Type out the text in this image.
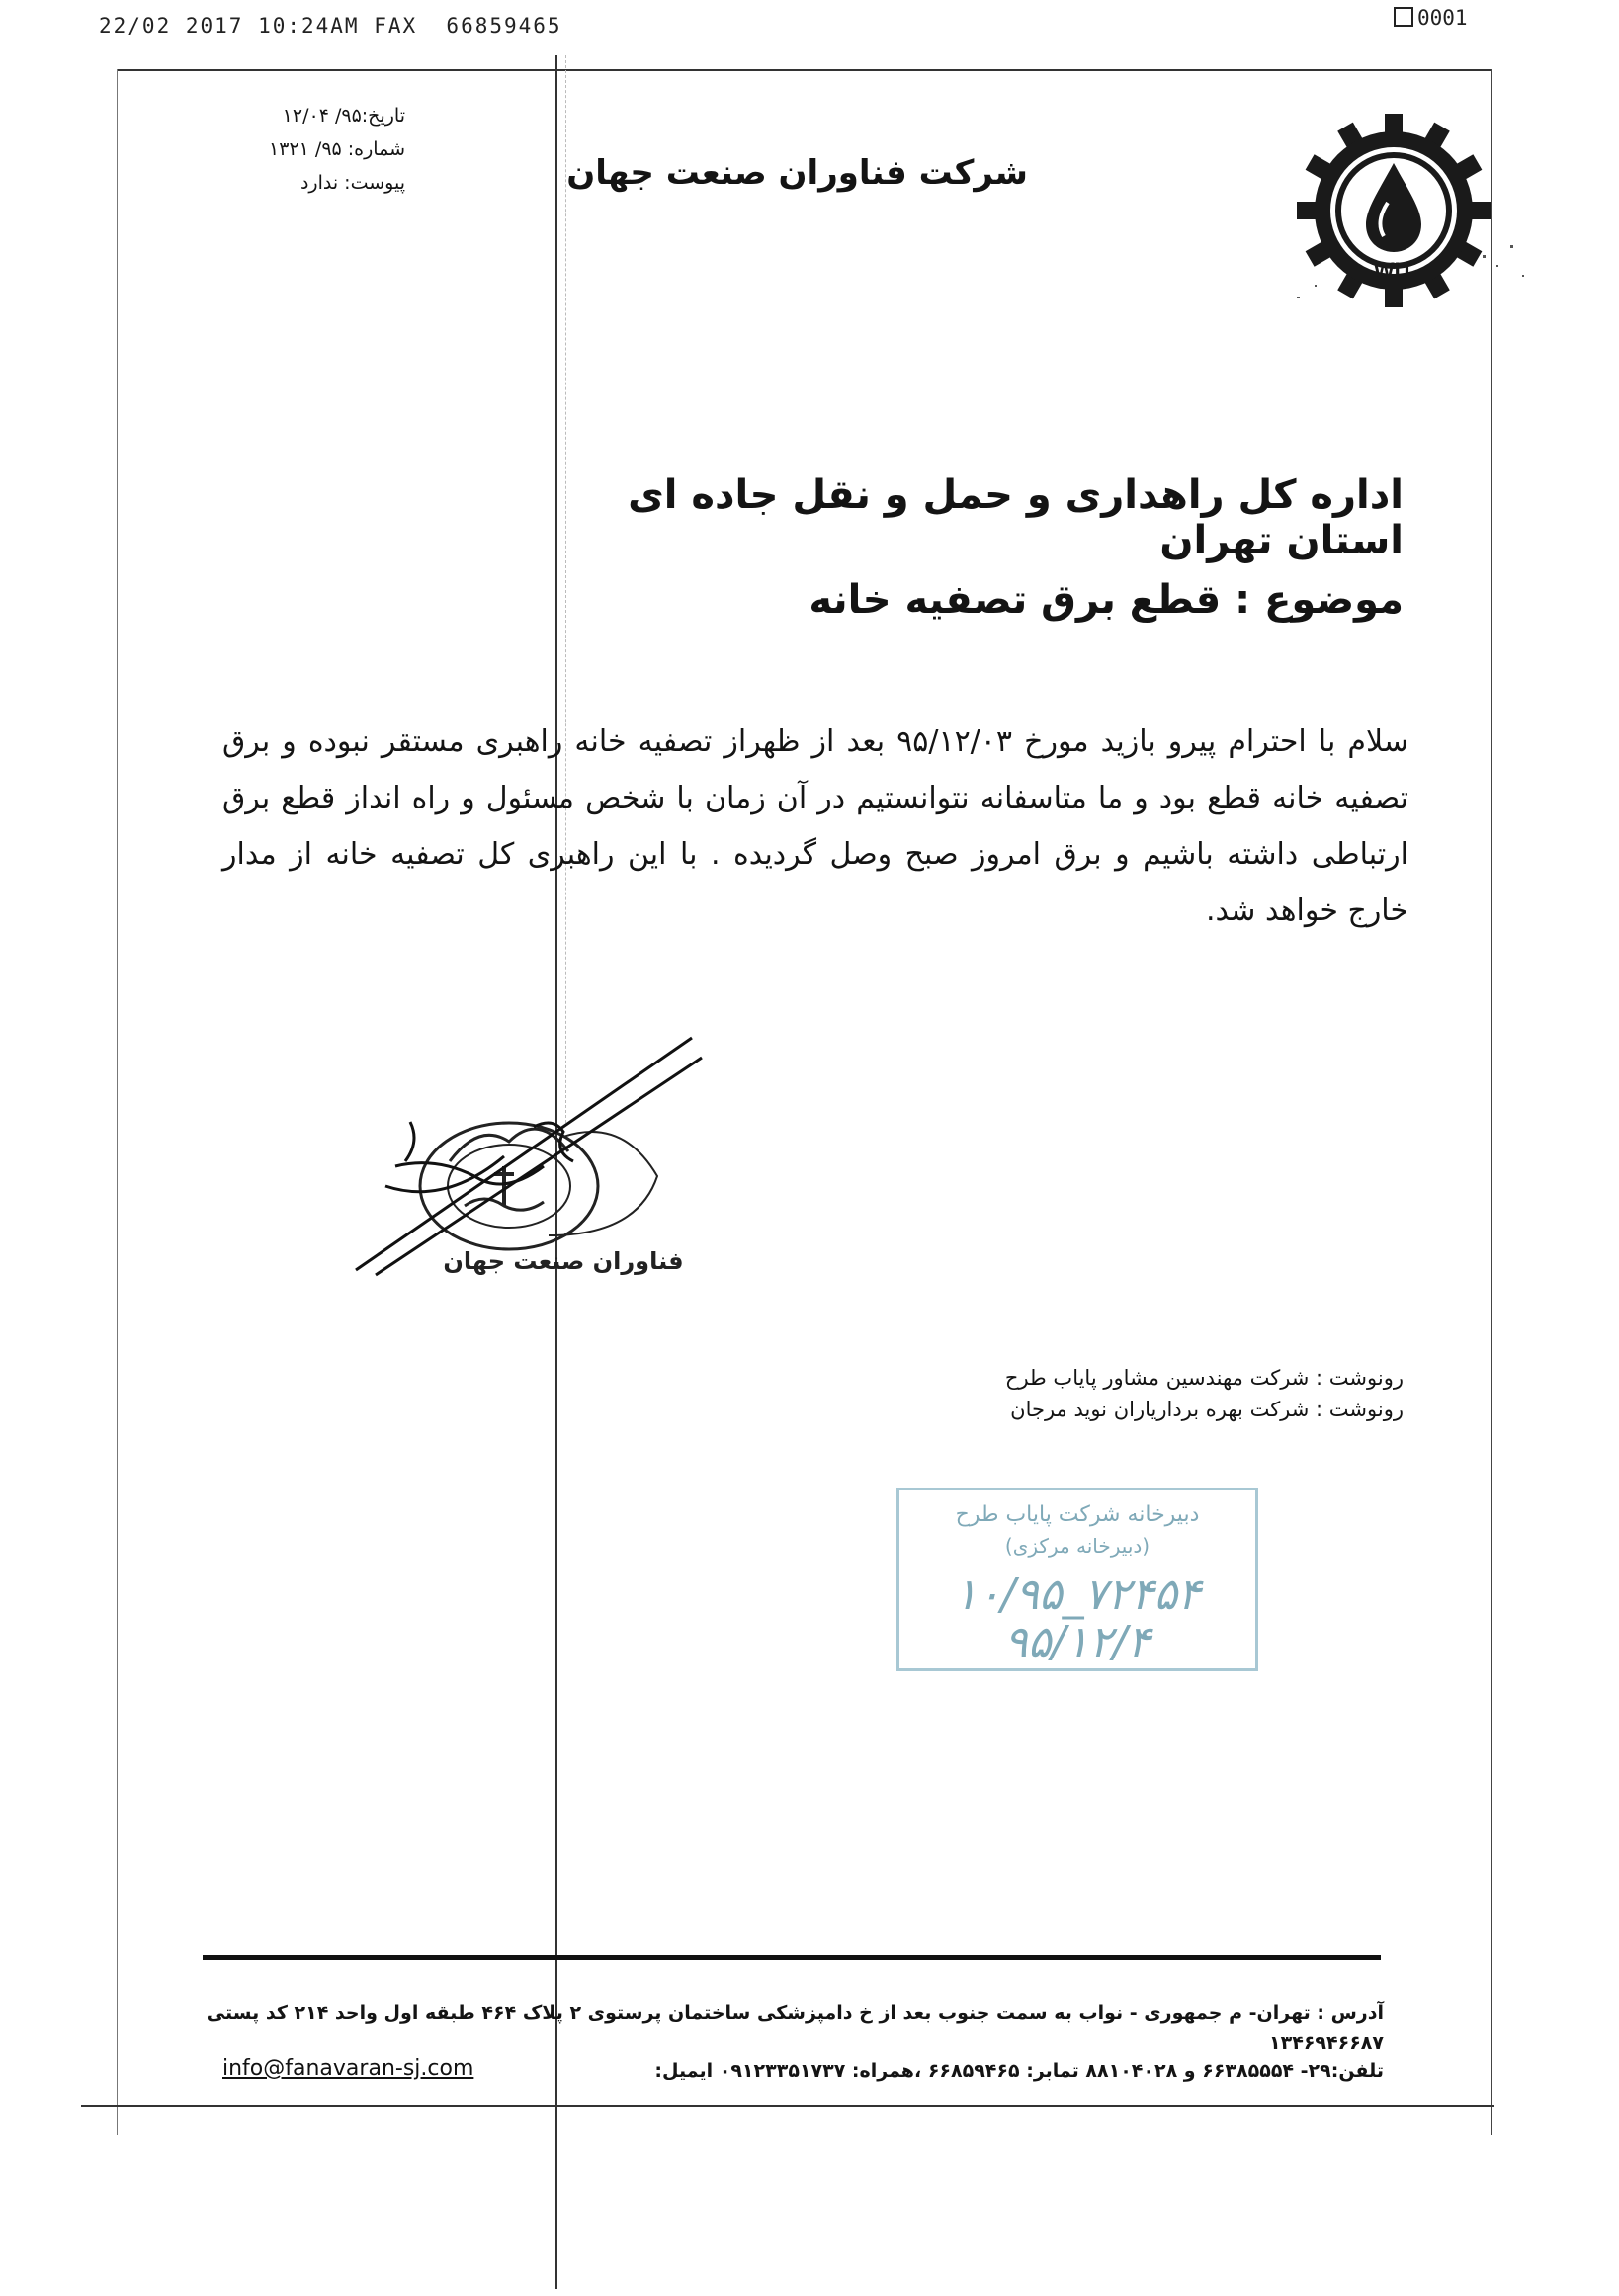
22/02 2017 10:24AM FAX  66859465	0001
تاریخ:۹۵/ ۱۲/۰۴
شماره: ۹۵/ ۱۳۲۱
پیوست: ندارد	شرکت فناوران صنعت جهان
WIT
اداره کل راهداری و حمل و نقل جاده ای استان تهران
موضوع : قطع برق تصفیه خانه
سلام با احترام پیرو بازید مورخ ۹۵/۱۲/۰۳ بعد از ظهراز تصفیه خانه راهبری مستقر نبوده و برق تصفیه خانه قطع بود و ما متاسفانه نتوانستیم در آن زمان با شخص مسئول و راه انداز قطع برق ارتباطی داشته باشیم و برق امروز صبح وصل گردیده . با این راهبری کل تصفیه خانه از مدار خارج خواهد شد.
فناوران صنعت جهان
رونوشت : شرکت مهندسین مشاور پایاب طرح
رونوشت : شرکت بهره برداریاران نوید مرجان
دبیرخانه شرکت پایاب طرح
(دبیرخانه مرکزی)
۱۰/۹۵_۷۲۴۵۴
۹۵/۱۲/۴
آدرس : تهران- م جمهوری - نواب به سمت جنوب بعد از خ دامپزشکی ساختمان پرستوی ۲ پلاک ۴۶۴ طبقه اول واحد ۲۱۴ کد پستی ۱۳۴۶۹۴۶۶۸۷
تلفن:۲۹- ۶۶۳۸۵۵۵۴ و ۸۸۱۰۴۰۲۸ تمابر: ۶۶۸۵۹۴۶۵ ،همراه: ۰۹۱۲۳۳۵۱۷۳۷ ایمیل:
info@fanavaran-sj.com
